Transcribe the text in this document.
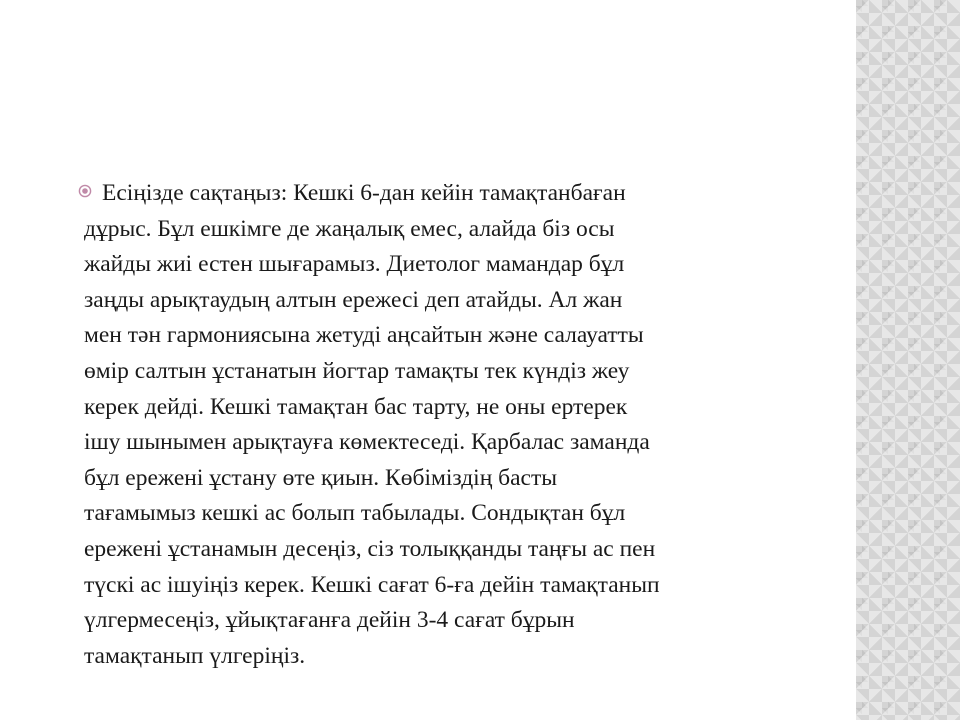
Есіңізде сақтаңыз: Кешкі 6-дан кейін тамақтанбаған
дұрыс. Бұл ешкімге де жаңалық емес, алайда біз осы
жайды жиі естен шығарамыз. Диетолог мамандар бұл
заңды арықтаудың алтын ережесі деп атайды. Ал жан
мен тән гармониясына жетуді аңсайтын және салауатты
өмір салтын ұстанатын йогтар тамақты тек күндіз жеу
керек дейді. Кешкі тамақтан бас тарту, не оны ертерек
ішу шынымен арықтауға көмектеседі. Қарбалас заманда
бұл ережені ұстану өте қиын. Көбіміздің басты
тағамымыз кешкі ас болып табылады. Сондықтан бұл
ережені ұстанамын десеңіз, сіз толыққанды таңғы ас пен
түскі ас ішуіңіз керек. Кешкі сағат 6-ға дейін тамақтанып
үлгермесеңіз, ұйықтағанға дейін 3-4 сағат бұрын
тамақтанып үлгеріңіз.
